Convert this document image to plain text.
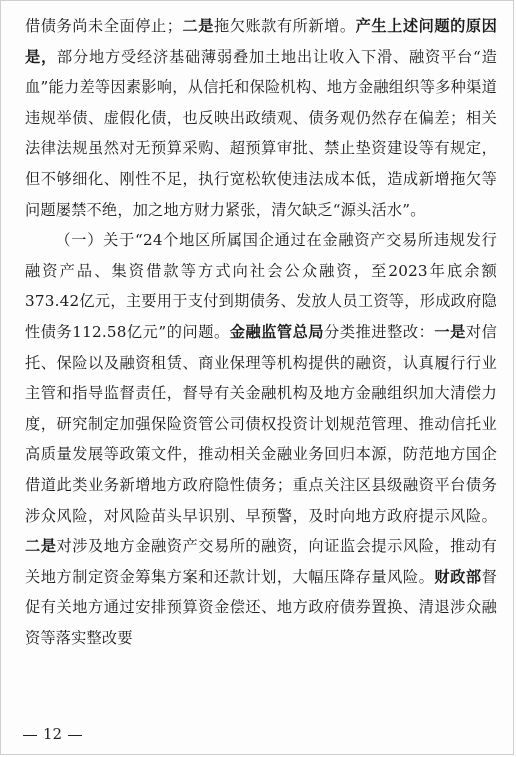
借债务尚未全面停止；二是拖欠账款有所新增。产生上述问题的原因是，部分地方受经济基础薄弱叠加土地出让收入下滑、融资平台“造血”能力差等因素影响，从信托和保险机构、地方金融组织等多种渠道违规举债、虚假化债，也反映出政绩观、债务观仍然存在偏差；相关法律法规虽然对无预算采购、超预算审批、禁止垫资建设等有规定，但不够细化、刚性不足，执行宽松软使违法成本低，造成新增拖欠等问题屡禁不绝，加之地方财力紧张，清欠缺乏“源头活水”。

（一）关于“24个地区所属国企通过在金融资产交易所违规发行融资产品、集资借款等方式向社会公众融资，至2023年底余额373.42亿元，主要用于支付到期债务、发放人员工资等，形成政府隐性债务112.58亿元”的问题。金融监管总局分类推进整改：一是对信托、保险以及融资租赁、商业保理等机构提供的融资，认真履行行业主管和指导监督责任，督导有关金融机构及地方金融组织加大清偿力度，研究制定加强保险资管公司债权投资计划规范管理、推动信托业高质量发展等政策文件，推动相关金融业务回归本源，防范地方国企借道此类业务新增地方政府隐性债务；重点关注区县级融资平台债务涉众风险，对风险苗头早识别、早预警，及时向地方政府提示风险。二是对涉及地方金融资产交易所的融资，向证监会提示风险，推动有关地方制定资金筹集方案和还款计划，大幅压降存量风险。财政部督促有关地方通过安排预算资金偿还、地方政府债券置换、清退涉众融资等落实整改要

12
